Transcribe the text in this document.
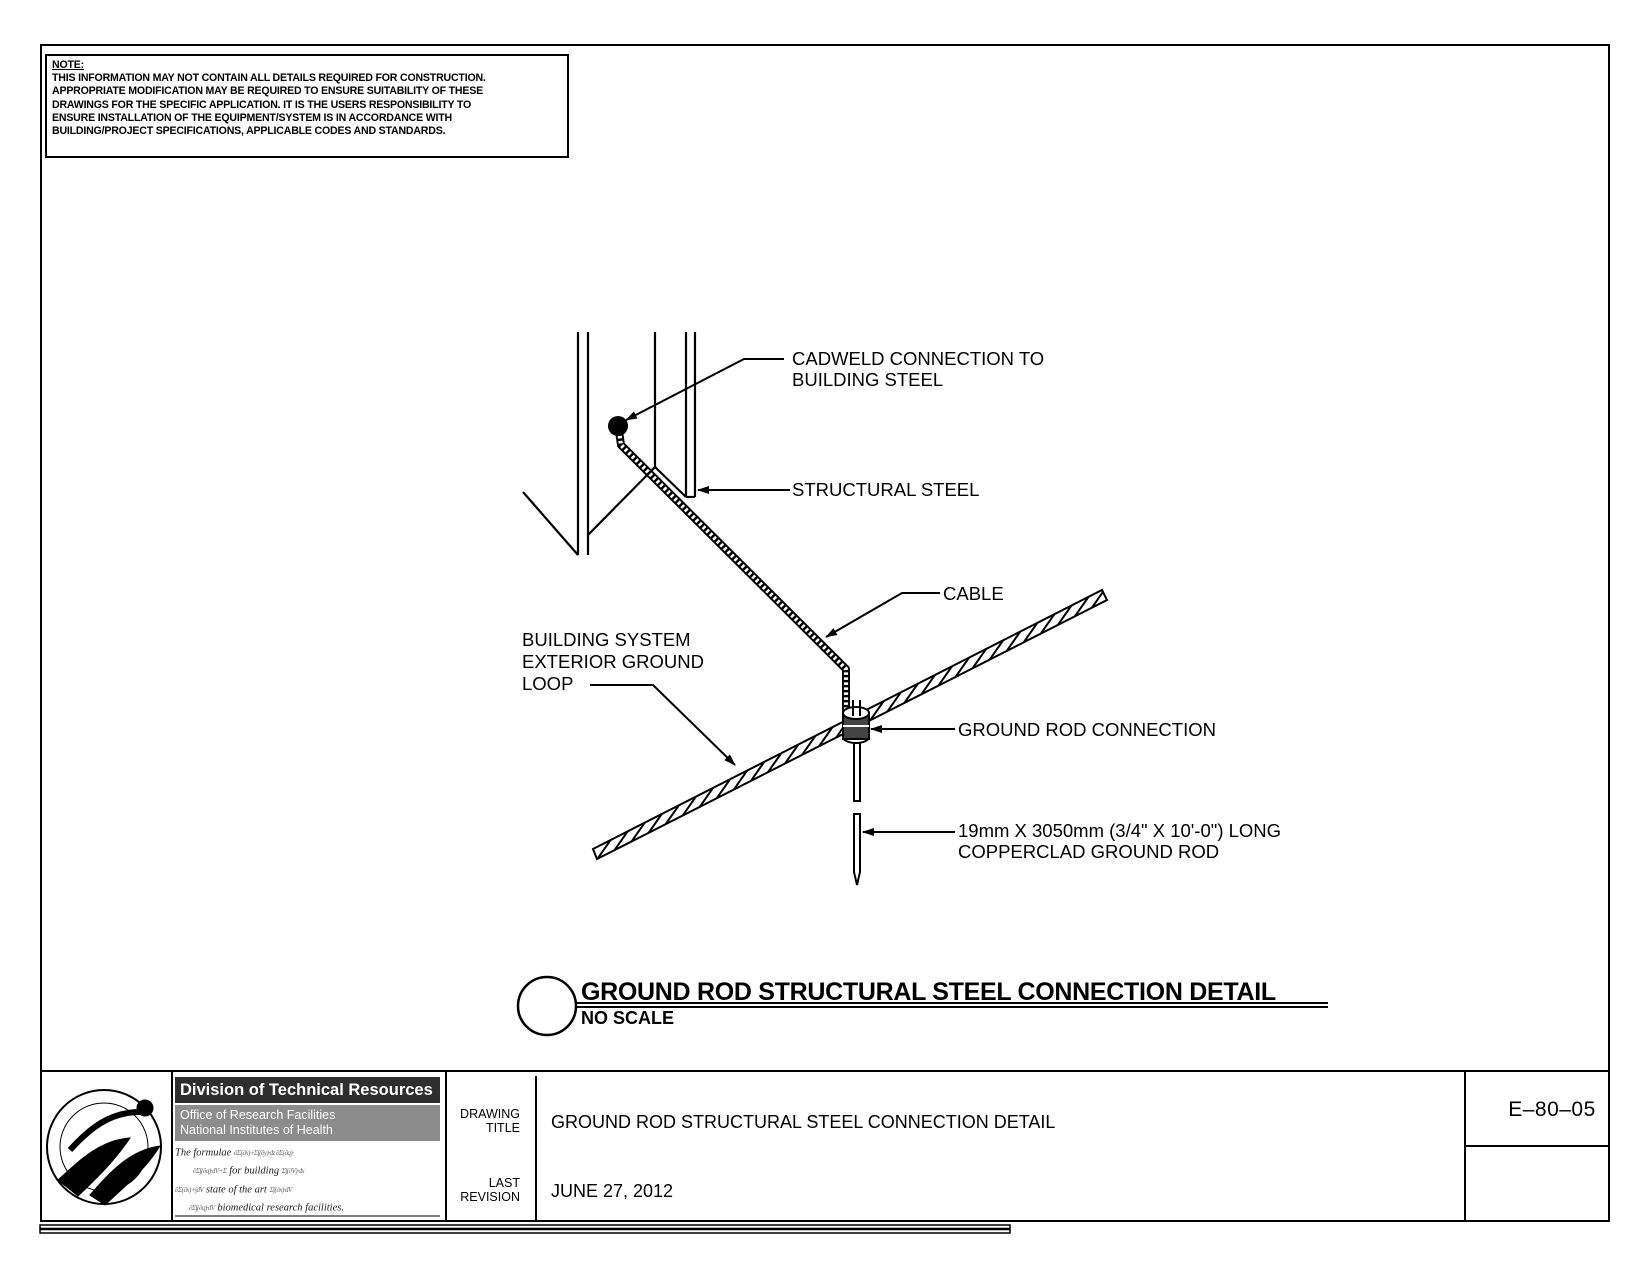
NOTE:
THIS INFORMATION MAY NOT CONTAIN ALL DETAILS REQUIRED FOR CONSTRUCTION.
APPROPRIATE MODIFICATION MAY BE REQUIRED TO ENSURE SUITABILITY OF THESE
DRAWINGS FOR THE SPECIFIC APPLICATION. IT IS THE USERS RESPONSIBILITY TO
ENSURE INSTALLATION OF THE EQUIPMENT/SYSTEM IS IN ACCORDANCE WITH
BUILDING/PROJECT SPECIFICATIONS, APPLICABLE CODES AND STANDARDS.
CADWELD CONNECTION TO
BUILDING STEEL
STRUCTURAL STEEL
CABLE
BUILDING SYSTEM
EXTERIOR GROUND
LOOP
GROUND ROD CONNECTION
19mm X 3050mm (3/4" X 10'-0") LONG
COPPERCLAD GROUND ROD
GROUND ROD STRUCTURAL STEEL CONNECTION DETAIL
NO SCALE
Division of Technical Resources
Office of Research Facilities
National Institutes of Health
The formulae ∂Σ(∂x)+Σ∫(∂y)·dz ∂Σ(∂q)·
∂Σ∫(∂q)·dV+Σ for building Σ∫(∂V)·dx
∂Σ(∂x)+∫dV state of the art Σ∫(∂x)·dV
∂Σ∫(∂q)·dV biomedical research facilities.
DRAWING
TITLE GROUND ROD STRUCTURAL STEEL CONNECTION DETAIL
LAST
REVISION JUNE 27, 2012
E–80–05
